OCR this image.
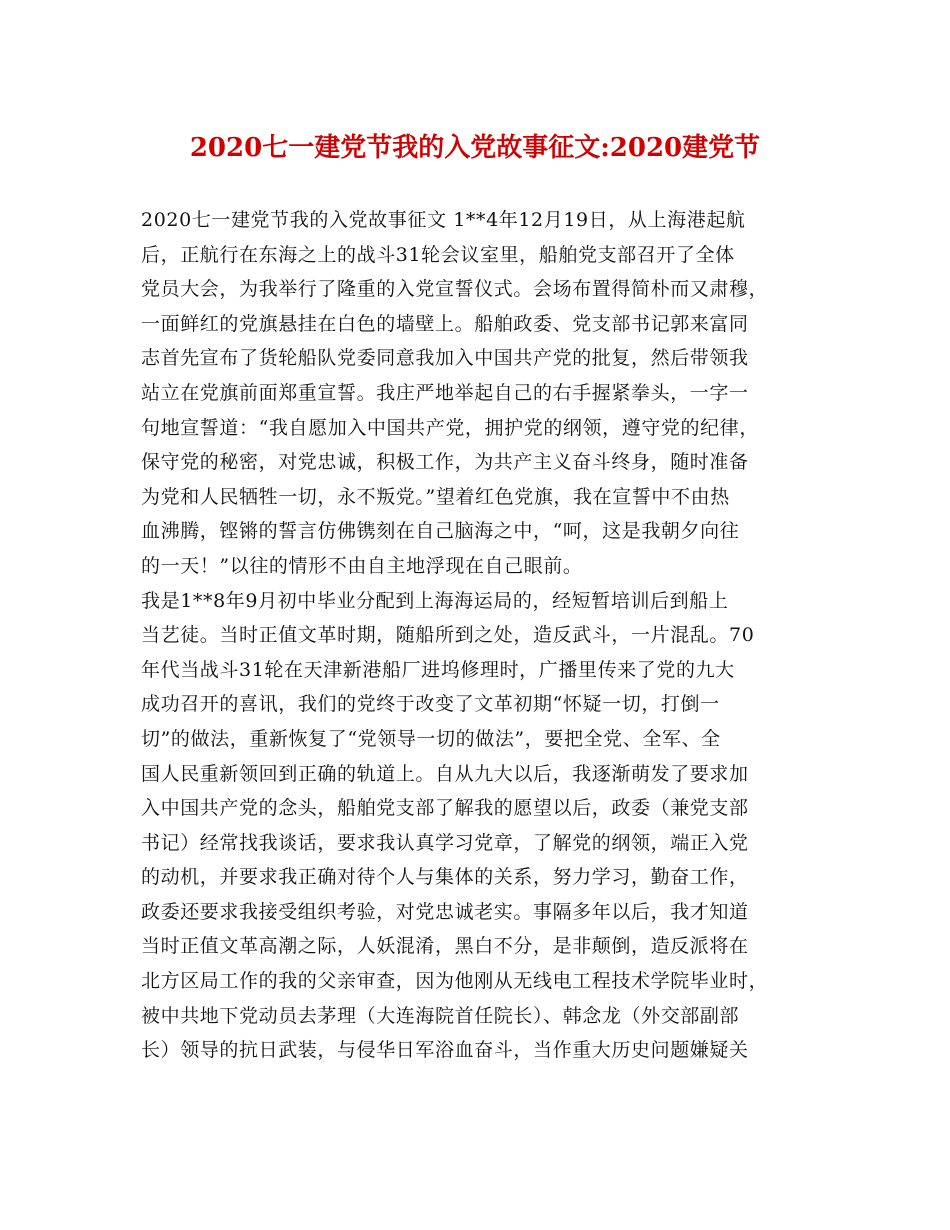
2020七一建党节我的入党故事征文:2020建党节
2020七一建党节我的入党故事征文 1**4年12月19日，从上海港起航
后，正航行在东海之上的战斗31轮会议室里，船舶党支部召开了全体
党员大会，为我举行了隆重的入党宣誓仪式。会场布置得简朴而又肃穆，
一面鲜红的党旗悬挂在白色的墙壁上。船舶政委、党支部书记郭来富同
志首先宣布了货轮船队党委同意我加入中国共产党的批复，然后带领我
站立在党旗前面郑重宣誓。我庄严地举起自己的右手握紧拳头，一字一
句地宣誓道：“我自愿加入中国共产党，拥护党的纲领，遵守党的纪律，
保守党的秘密，对党忠诚，积极工作，为共产主义奋斗终身，随时准备
为党和人民牺牲一切，永不叛党。”望着红色党旗，我在宣誓中不由热
血沸腾，铿锵的誓言仿佛镌刻在自己脑海之中，“呵，这是我朝夕向往
的一天！”以往的情形不由自主地浮现在自己眼前。
我是1**8年9月初中毕业分配到上海海运局的，经短暂培训后到船上
当艺徒。当时正值文革时期，随船所到之处，造反武斗，一片混乱。70
年代当战斗31轮在天津新港船厂进坞修理时，广播里传来了党的九大
成功召开的喜讯，我们的党终于改变了文革初期“怀疑一切，打倒一
切”的做法，重新恢复了“党领导一切的做法”，要把全党、全军、全
国人民重新领回到正确的轨道上。自从九大以后，我逐渐萌发了要求加
入中国共产党的念头，船舶党支部了解我的愿望以后，政委（兼党支部
书记）经常找我谈话，要求我认真学习党章，了解党的纲领，端正入党
的动机，并要求我正确对待个人与集体的关系，努力学习，勤奋工作，
政委还要求我接受组织考验，对党忠诚老实。事隔多年以后，我才知道
当时正值文革高潮之际，人妖混淆，黑白不分，是非颠倒，造反派将在
北方区局工作的我的父亲审查，因为他刚从无线电工程技术学院毕业时，
被中共地下党动员去茅理（大连海院首任院长）、韩念龙（外交部副部
长）领导的抗日武装，与侵华日军浴血奋斗，当作重大历史问题嫌疑关
